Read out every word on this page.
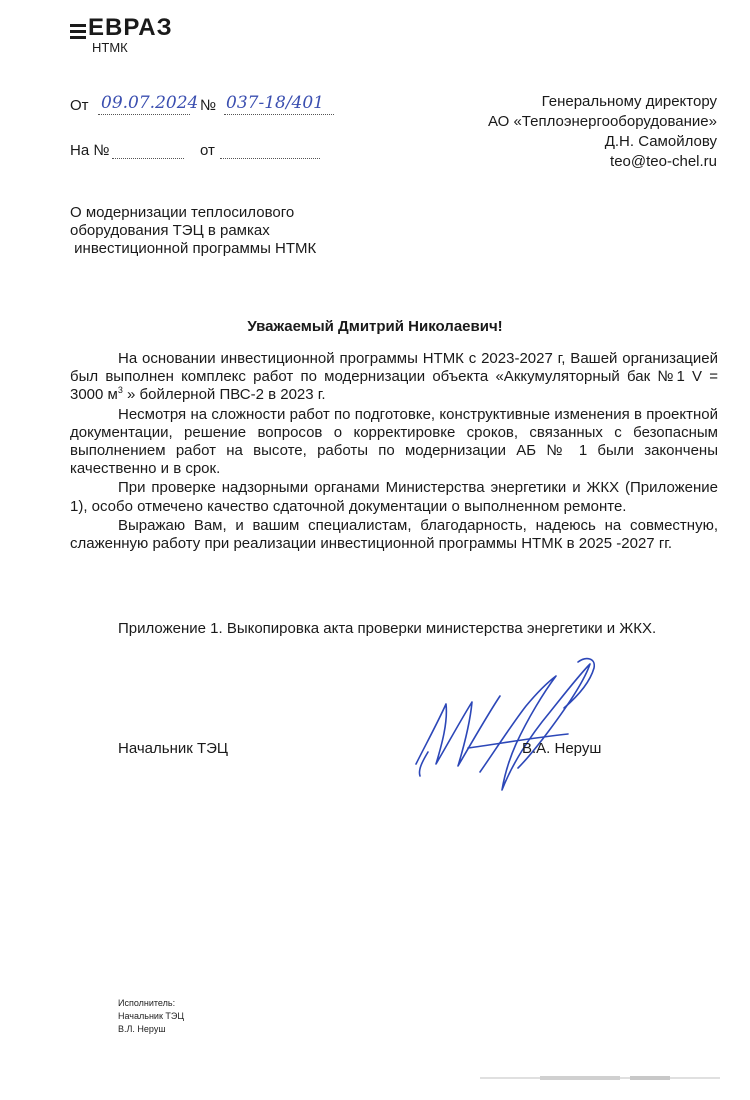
ЕВРАЗ
НТМК
От 09.07.2024 № 037-18/401
На №	от
Генеральному директору
АО «Теплоэнергооборудование»
Д.Н. Самойлову
teo@teo-chel.ru
О модернизации теплосилового
оборудования ТЭЦ в рамках
инвестиционной программы НТМК
Уважаемый Дмитрий Николаевич!

На основании инвестиционной программы НТМК с 2023-2027 г, Вашей организацией был выполнен комплекс работ по модернизации объекта «Аккумуляторный бак №1 V = 3000 $м^3$ » бойлерной ПВС-2 в 2023 г.

Несмотря на сложности работ по подготовке, конструктивные изменения в проектной документации, решение вопросов о корректировке сроков, связанных с безопасным выполнением работ на высоте, работы по модернизации АБ № 1 были закончены качественно и в срок.

При проверке надзорными органами Министерства энергетики и ЖКХ (Приложение 1), особо отмечено качество сдаточной документации о выполненном ремонте.

Выражаю Вам, и вашим специалистам, благодарность, надеюсь на совместную, слаженную работу при реализации инвестиционной программы НТМК в 2025 -2027 гг.

Приложение 1. Выкопировка акта проверки министерства энергетики и ЖКХ.
Начальник ТЭЦ	В.А. Неруш
Исполнитель:
Начальник ТЭЦ
В.Л. Неруш
